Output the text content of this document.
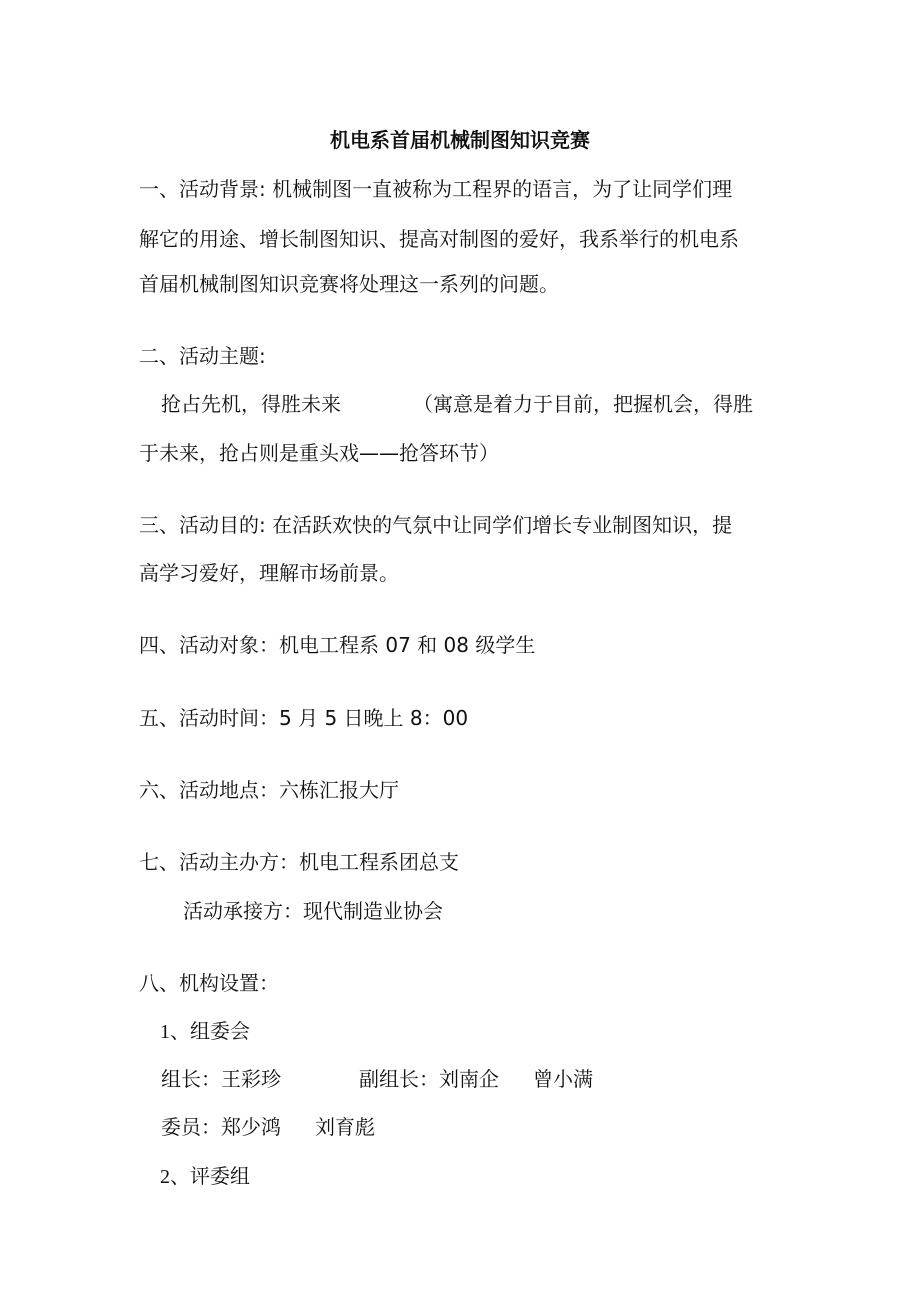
机电系首届机械制图知识竞赛
一、活动背景: 机械制图一直被称为工程界的语言，为了让同学们理
解它的用途、增长制图知识、提高对制图的爱好，我系举行的机电系
首届机械制图知识竞赛将处理这一系列的问题。
二、活动主题:
抢占先机，得胜未来	（寓意是着力于目前，把握机会，得胜
于未来，抢占则是重头戏——抢答环节）
三、活动目的: 在活跃欢快的气氛中让同学们增长专业制图知识，提
高学习爱好，理解市场前景。
四、活动对象：机电工程系 07 和 08 级学生
五、活动时间：5 月 5 日晚上 8：00
六、活动地点：六栋汇报大厅
七、活动主办方：机电工程系团总支
活动承接方：现代制造业协会
八、机构设置：
1、组委会
组长：王彩珍	副组长：刘南企 曾小满
委员：郑少鸿 刘育彪
2、评委组
